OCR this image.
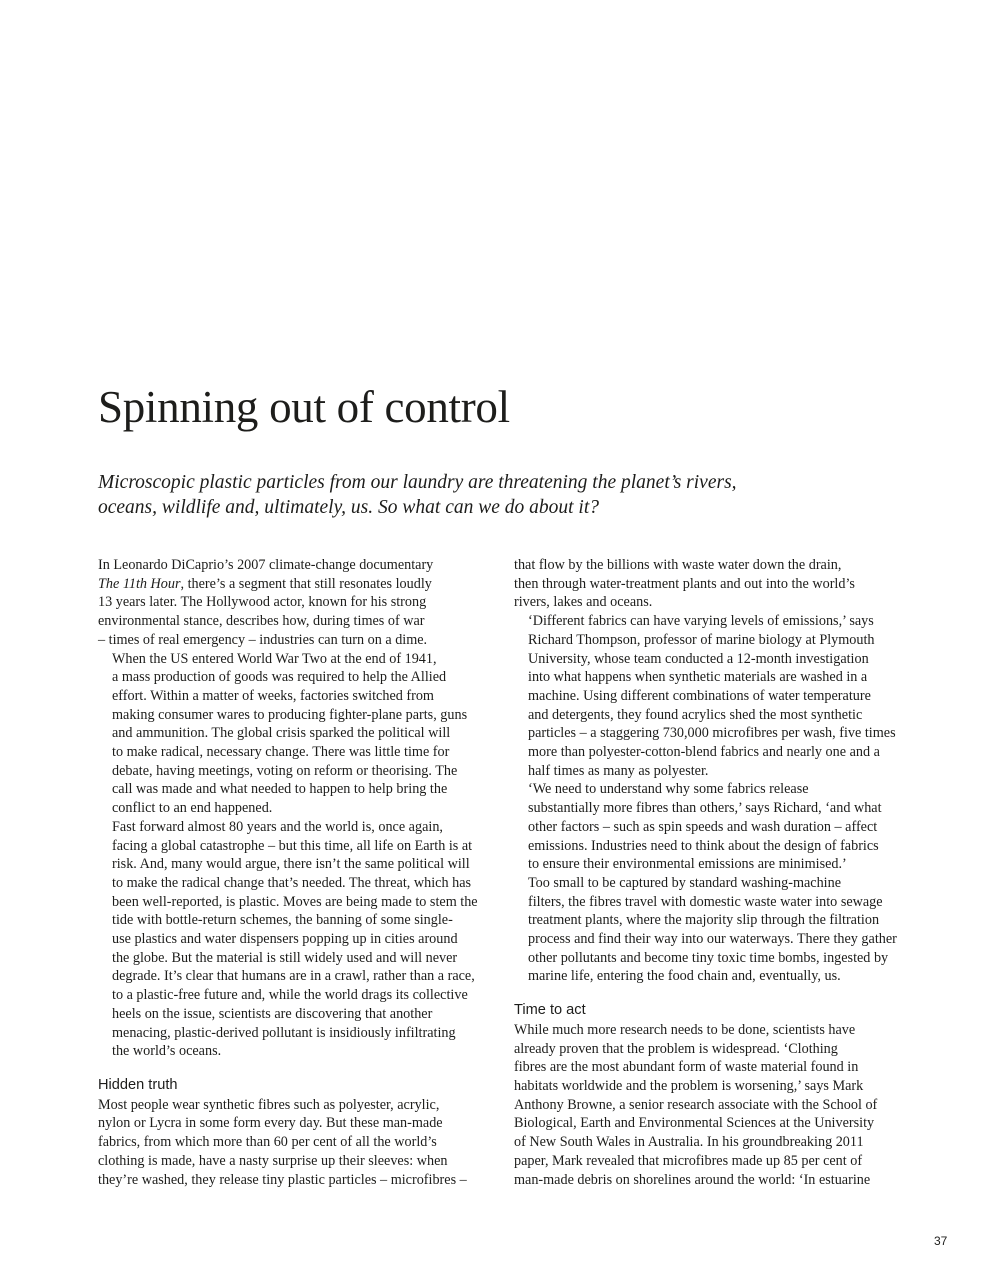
Spinning out of control

Microscopic plastic particles from our laundry are threatening the planet’s rivers, oceans, wildlife and, ultimately, us. So what can we do about it?

In Leonardo DiCaprio’s 2007 climate-change documentary
The 11th Hour, there’s a segment that still resonates loudly
13 years later. The Hollywood actor, known for his strong
environmental stance, describes how, during times of war
– times of real emergency – industries can turn on a dime.

When the US entered World War Two at the end of 1941,
a mass production of goods was required to help the Allied
effort. Within a matter of weeks, factories switched from
making consumer wares to producing fighter-plane parts, guns
and ammunition. The global crisis sparked the political will
to make radical, necessary change. There was little time for
debate, having meetings, voting on reform or theorising. The
call was made and what needed to happen to help bring the
conflict to an end happened.

Fast forward almost 80 years and the world is, once again,
facing a global catastrophe – but this time, all life on Earth is at
risk. And, many would argue, there isn’t the same political will
to make the radical change that’s needed. The threat, which has
been well-reported, is plastic. Moves are being made to stem the
tide with bottle-return schemes, the banning of some single-
use plastics and water dispensers popping up in cities around
the globe. But the material is still widely used and will never
degrade. It’s clear that humans are in a crawl, rather than a race,
to a plastic-free future and, while the world drags its collective
heels on the issue, scientists are discovering that another
menacing, plastic-derived pollutant is insidiously infiltrating
the world’s oceans.

Hidden truth

Most people wear synthetic fibres such as polyester, acrylic,
nylon or Lycra in some form every day. But these man-made
fabrics, from which more than 60 per cent of all the world’s
clothing is made, have a nasty surprise up their sleeves: when
they’re washed, they release tiny plastic particles – microfibres –

that flow by the billions with waste water down the drain,
then through water-treatment plants and out into the world’s
rivers, lakes and oceans.

‘Different fabrics can have varying levels of emissions,’ says
Richard Thompson, professor of marine biology at Plymouth
University, whose team conducted a 12-month investigation
into what happens when synthetic materials are washed in a
machine. Using different combinations of water temperature
and detergents, they found acrylics shed the most synthetic
particles – a staggering 730,000 microfibres per wash, five times
more than polyester-cotton-blend fabrics and nearly one and a
half times as many as polyester.

‘We need to understand why some fabrics release
substantially more fibres than others,’ says Richard, ‘and what
other factors – such as spin speeds and wash duration – affect
emissions. Industries need to think about the design of fabrics
to ensure their environmental emissions are minimised.’

Too small to be captured by standard washing-machine
filters, the fibres travel with domestic waste water into sewage
treatment plants, where the majority slip through the filtration
process and find their way into our waterways. There they gather
other pollutants and become tiny toxic time bombs, ingested by
marine life, entering the food chain and, eventually, us.

Time to act

While much more research needs to be done, scientists have
already proven that the problem is widespread. ‘Clothing
fibres are the most abundant form of waste material found in
habitats worldwide and the problem is worsening,’ says Mark
Anthony Browne, a senior research associate with the School of
Biological, Earth and Environmental Sciences at the University
of New South Wales in Australia. In his groundbreaking 2011
paper, Mark revealed that microfibres made up 85 per cent of
man-made debris on shorelines around the world: ‘In estuarine

37
